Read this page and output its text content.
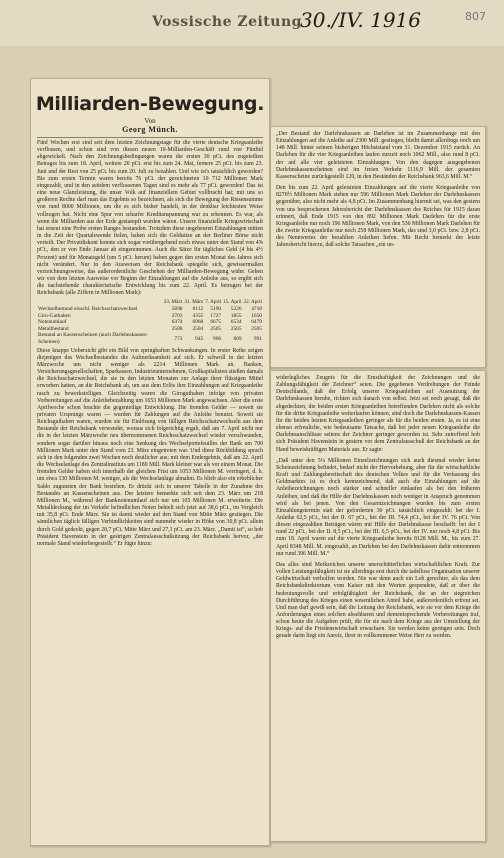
Vossische Zeitung
30./IV. 1916	807
Milliarden-Bewegung.
Von
Georg Münch.

Fünf Wochen erst sind seit dem letzten Zeichnungstage für die vierte deutsche Kriegsanleihe verflossen, und schon sind von diesen neuen 10-Milliarden-Geschäft rund vier Fünftel abgewickelt. Nach den Zeichnungsbedingungen waren die ersten 30 pCt. des zugeteilten Betrages bis zum 18. April, weitere 20 pCt. erst bis zum 24. Mai, fernere 25 pCt. bis zum 23. Juni und der Rest von 25 pCt. bis zum 20. Juli zu bezahlen. Und wie ist's tatsächlich geworden? Bis zum ersten Termin waren bereits 76 pCt. der gezeichneten 10 712 Millionen Mark eingezahlt, und in den seitdem verflossenen Tagen sind es mehr als 77 pCt. geworden! Das ist eine neue Glanzleistung, die unser Volk auf finanziellem Gebiet vollbracht hat; mit uns so großeren Rechte darf man das Ergebnis so bezeichnen, als sich die Bewegung der Riesensumme von rund 8000 Millionen, um die es sich bisher handelt, in der denkbar leichtesten Weise vollzogen hat. Nicht eine Spur von scharfer Kreditanspannung war zu erkennen. Es war, als wenn die Milliarden aus der Erde gestampft worden wären. Unsere finanzielle Kriegswirtschaft hat erneut eine Probe ersten Ranges bestanden. Trotzdem diese ungeheuren Einzahlungen mitten in die Zeit der Quartalswende fielen, haben sich die Geldsätze an der Berliner Börse nicht verteilt. Der Privatdiskont konnte sich sogar vorübergehend noch etwas unter den Stand von 4⅝ pCt., den er von Ende Januar ab eingenommen. Auch die Sätze für tägliches Geld (4 bis 4½ Prozent) und für Monatsgeld (um 5 pCt. herum) haben gegen den ersten Monat des Jahres sich nicht verändert. Nur in den Ausweisen der Reichsbank spiegelte sich, gewissermaßen verzeichnungsweise, das außerordentliche Geschehen der Milliarden-Bewegung wider. Geben wir von dem letzten Ausweise vor Beginn der Einzahlungen auf die Anleihe aus, so ergibt sich die nachstehende charakteristische Entwicklung bis zum 22. April. Es betrugen bei der Reichsbank (alle Ziffern in Millionen Mark):

	23. März	31. März	7. April	15. April	22. April
Wechselbestand einschl. Reichsschatzwechsel	5898	8112	5190	5226	4718
Giro-Guthaben	2703	4355	1727	1855	1650
Notenumlauf	6374	6968	6675	6534	6479
Metallbestand	2506	2504	2505	2505	2505
Bestand an Kassenscheinen (auch Darlehnskassen-Scheinen)	773	945	906	809	991

Diese knappe Uebersicht gibt ein Bild von springhaften Schwankungen. In erster Reihe zeigen diejenigen des Wechselbestandes die Aufmerksamkeit auf sich. Er schwoll in der letzten Märzwoche um nicht weniger als 2214 Millionen Mark an. Banken, Versicherungsgesellschaften, Sparkassen, Industrieunternehmen, Großkapitalisten stießen damals die Reichsschatzwechsel, die sie in den letzten Monaten zur Anlage ihrer flüssigen Mittel erworben hatten, an die Reichsbank ab, um aus dem Erlös ihre Einzahlungen auf Kriegsanleihe rasch zu bewerkstelligen. Gleichzeitig waren die Giroguthaben infolge von privaten Vorbereitungen auf die Anleihebezahlung um 1653 Millionen Mark angewachsen. Aber die erste Aprilwoche schon brachte die gegenteilige Entwicklung. Die fremden Gelder — soweit sie privaten Ursprungs waren — wurden für Zahlungen auf die Anleihe benutzt. Soweit sie Reichsguthaben waren, wurden sie für Einlösung von fälligen Reichsschatzwechseln aus dem Bestande der Reichsbank verwendet, woraus sich folgerichtig ergab, daß am 7. April nicht nur die in der letzten Märzwoche neu übernommenen Reichsschatzwechsel wieder verschwunden, sondern sogar darüber hinaus noch eine Senkung des Wechselportefeuilles der Bank um 700 Millionen Mark unter den Stand vom 23. März eingetreten war. Und diese Rückbildung sprach sich in den folgenden zwei Wochen noch deutlicher aus; mit dem Endergebnis, daß am 22. April die Wechselanlage des Zentralinstituts um 1180 Mill. Mark kleiner war als vor einem Monat. Die fremden Gelder haben sich innerhalb der gleichen Frist um 1053 Millionen M. verringert, d. h. um etwa 130 Millionen M. weniger, als die Wechselanlage abnahm. Es blieb also ein erheblicher Saldo zugunsten der Bank bestehen. Er drückt sich in unserer Tabelle in der Zunahme des Bestandes an Kassenscheinen aus. Der letztere bemerkte sich seit dem 23. März um 218 Millionen M., während der Banknotenumlauf sich nur um 105 Millionen M. erweiterte. Die Metalldeckung der im Verkehr befindlichen Noten behielt sich jetzt auf 38,6 pCt., im Vergleich mit 35,8 pCt. Ende März. Sie ist damit wieder auf den Stand von Mitte März gestiegen. Die sämtlichen täglich fälligen Verbindlichkeiten sind nunmehr wieder in Höhe von 30,8 pCt. allein durch Gold gedeckt, gegen 28,7 pCt. Mitte März und 27,1 pCt. am 23. März. „Damit ist“, so hob Präsident Havenstein in der gestrigen Zentralausschußsitzung der Reichsbank hervor, „der normale Stand wiederhergestellt.“ Er fügte hinzu:

„Der Bestand der Darlehnskassen an Darlehen ist im Zusammenhange mit den Einzahlungen auf die Anleihe auf 2300 Mill. gestiegen, bleibt damit allerdings noch um 148 Mill. hinter seinem bisherigen Höchststand vom 31. Dezember 1915 zurück. An Darlehen für die vier Kriegsanleihen laufen zurzeit noch 1062 Mill., also rund 8 pCt. der auf alle vier geleisteten Einzahlungen. Von den dagegen ausgegebenen Darlehnskassenscheinen sind im freien Verkehr 1116,9 Mill. der gesamten Kassenscheine zurückgestellt 120, in den Beständen der Reichsbank 963,6 Mill. M.“

Den bis zum 22. April geleisteten Einzahlungen auf die vierte Kriegsanleihe von 8270½ Millionen Mark stehen nur 596 Millionen Mark Darlehen der Darlehnskassen gegenüber, also nicht mehr als 4,8 pCt. Im Zusammenhang hiermit sei, was den gestern von uns besprochenen Jahresbericht der Darlehnskassen des Reiches für 1915 daran erinnert, daß Ende 1915 von den 892 Millionen Mark Darlehen für die erste Kriegsanleihe nur noch 196 Millionen Mark, von den 536 Millionen Mark Darlehen für die zweite Kriegsanleihe nur noch 258 Millionen Mark, das sind 3,0 pCt. bzw. 2,8 pCt. des Nennwertes der bezahlten Anleihen liefen. Mit Recht bemerkt der letzte Jahresbericht hierzu, daß solche Tatsachen „ein un-

widerlegliches Zeugnis für die Ernsthaftigkeit der Zeichnungen und die Zahlungsfähigkeit der Zeichner“ seien. Die gegebenen Verdrehungen der Feinde Deutschlands, daß der Erfolg unserer Kriegsanleihen auf Ausnutzung der Darlehnskassen beruhe, richten sich danach von selbst. Jetzt sei noch gesagt, daß die abgedeckten, die beiden ersten Kriegsanleihen betreffenden Darlehen nicht als solche für die dritte Kriegsanleihe weiterlaufen können, sind doch die Darlehnskassen-Kassen für die beiden letzten Kriegsanleihen geringer als für die beiden ersten. Ja, es ist eine ebenso erfreuliche, wie bedeutsame Tatsache, daß bei jeder neuen Kriegsanleihe die Darlehnsanschlüsse seitens der Zeichner geringer geworden ist. Sehr zutreffend hob sich Präsident Havenstein in gestern vor dem Zentralausschuß der Reichsbank an der Hand beweiskräftigen Materials aus. Er sagte:

„Daß unter den 5¼ Millionen Einzelzeichnungen sich auch diesmal wieder keine Scheinzeichnung befindet, bedarf nicht der Hervorhebung, aber für die wirtschaftliche Kraft und Zahlungsbereitschaft des deutschen Volkes und für die Verfassung des Geldmarktes ist es doch kennzeichnend, daß auch die Einzahlungen auf die Anleihezeichnungen noch stärker und schneller einlaufen als bei den früheren Anleihen, und daß die Hilfe der Darlehnskassen noch weniger in Anspruch genommen wird als bei jenen. Von den Gesamtzeichnungen wurden bis zum ersten Einzahlungstermin statt der geforderten 30 pCt. tatsächlich eingezahlt: bei der I. Anleihe 62,5 pCt., bei der II. 67 pCt., bei der III. 74,4 pCt., bei der IV. 76 pCt. Von diesen eingezahlten Beträgen wären mit Hilfe der Darlehnskasse beschafft: bei der I rund 22 pCt., bei der II. 8,5 pCt., bei der III. 6,5 pCt., bei der IV. nur noch 4,8 pCt. Bis zum 18. April waren auf die vierte Kriegsanleihe bereits 8128 Mill. M., bis zum 27. April 8348 Mill. M. eingezahlt, an Darlehen bei den Darlehnskassen dafür entnommen nur rund 396 Mill. M.“

Das alles sind Merkzeichen unserer unerschütterlichen wirtschaftlichen Kraft. Zur vollen Leistungsfähigkeit ist sie allerdings erst durch die tadellose Organisation unserer Geldwirtschaft verholfen worden. Nie war denn auch ein Lob gerechter, als das dem Reichsbankdirektorium vom Kaiser mit den Worten gespendete, daß er über die bedeutungsvolle und erfolgfähigkeit der Reichsbank, die an der siegreichen Durchführung des Krieges einen wesentlichen Anteil habe, außerordentlich erfreut sei. Und man darf gewiß sein, daß die Leitung der Reichsbank, wie sie vor dem Kriege die Anforderungen eines solchen absehbaren und dementsprechende Vorbereitungen traf, schon heute die Aufgaben prüft, die für sie nach dem Kriege aus der Umstellung der Kriegs- auf die Friedenswirtschaft erwachsen. Sie werden keine geringen sein. Doch gerade darin liegt ein Anreiz, ihrer in vollkommener Weise Herr zu werden.
